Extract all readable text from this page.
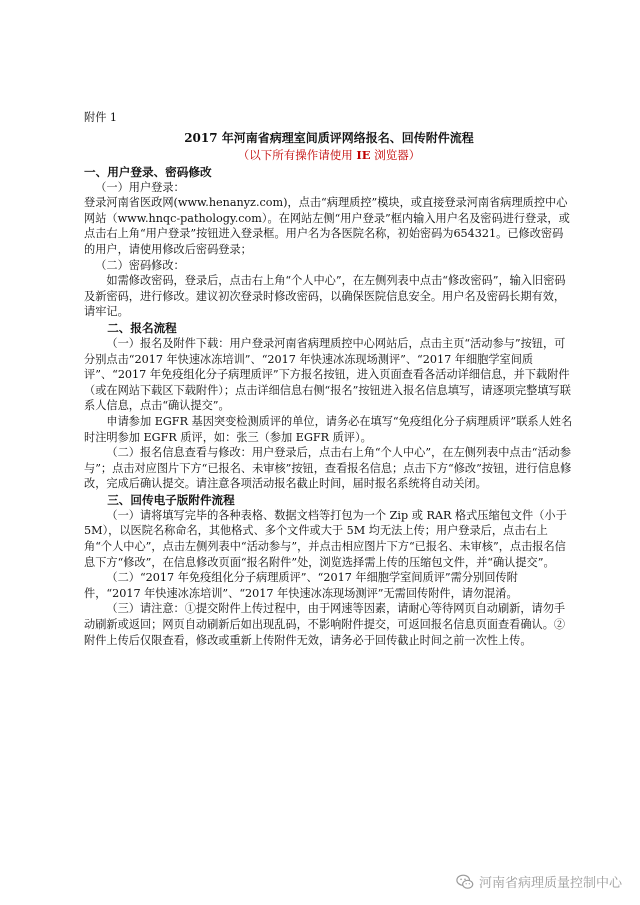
附件 1

2017 年河南省病理室间质评网络报名、回传附件流程

（以下所有操作请使用 IE 浏览器）

一、用户登录、密码修改

（一）用户登录：

登录河南省医政网(www.henanyz.com)，点击“病理质控”模块，或直接登录河南省病理质控中心网站（www.hnqc-pathology.com）。在网站左侧“用户登录”框内输入用户名及密码进行登录，或点击右上角“用户登录”按钮进入登录框。用户名为各医院名称，初始密码为654321。已修改密码的用户，请使用修改后密码登录；

（二）密码修改：

如需修改密码，登录后，点击右上角“个人中心”，在左侧列表中点击“修改密码”，输入旧密码及新密码，进行修改。建议初次登录时修改密码，以确保医院信息安全。用户名及密码长期有效，请牢记。

二、报名流程

（一）报名及附件下载：用户登录河南省病理质控中心网站后，点击主页“活动参与”按钮，可分别点击“2017 年快速冰冻培训”、“2017 年快速冰冻现场测评”、“2017 年细胞学室间质评”、“2017 年免疫组化分子病理质评”下方报名按钮，进入页面查看各活动详细信息，并下载附件（或在网站下载区下载附件）；点击详细信息右侧“报名”按钮进入报名信息填写，请逐项完整填写联系人信息，点击“确认提交”。

申请参加 EGFR 基因突变检测质评的单位，请务必在填写“免疫组化分子病理质评”联系人姓名时注明参加 EGFR 质评，如：张三（参加 EGFR 质评）。

（二）报名信息查看与修改：用户登录后，点击右上角“个人中心”，在左侧列表中点击“活动参与”；点击对应图片下方“已报名、未审核”按钮，查看报名信息；点击下方“修改”按钮，进行信息修改，完成后确认提交。请注意各项活动报名截止时间，届时报名系统将自动关闭。

三、回传电子版附件流程

（一）请将填写完毕的各种表格、数据文档等打包为一个 Zip 或 RAR 格式压缩包文件（小于 5M），以医院名称命名，其他格式、多个文件或大于 5M 均无法上传；用户登录后，点击右上角“个人中心”，点击左侧列表中“活动参与”，并点击相应图片下方“已报名、未审核”，点击报名信息下方“修改”，在信息修改页面“报名附件”处，浏览选择需上传的压缩包文件，并“确认提交”。

（二）“2017 年免疫组化分子病理质评”、“2017 年细胞学室间质评”需分别回传附件，“2017 年快速冰冻培训”、“2017 年快速冰冻现场测评”无需回传附件，请勿混淆。

（三）请注意：①提交附件上传过程中，由于网速等因素，请耐心等待网页自动刷新，请勿手动刷新或返回；网页自动刷新后如出现乱码，不影响附件提交，可返回报名信息页面查看确认。②附件上传后仅限查看，修改或重新上传附件无效，请务必于回传截止时间之前一次性上传。

河南省病理质量控制中心
